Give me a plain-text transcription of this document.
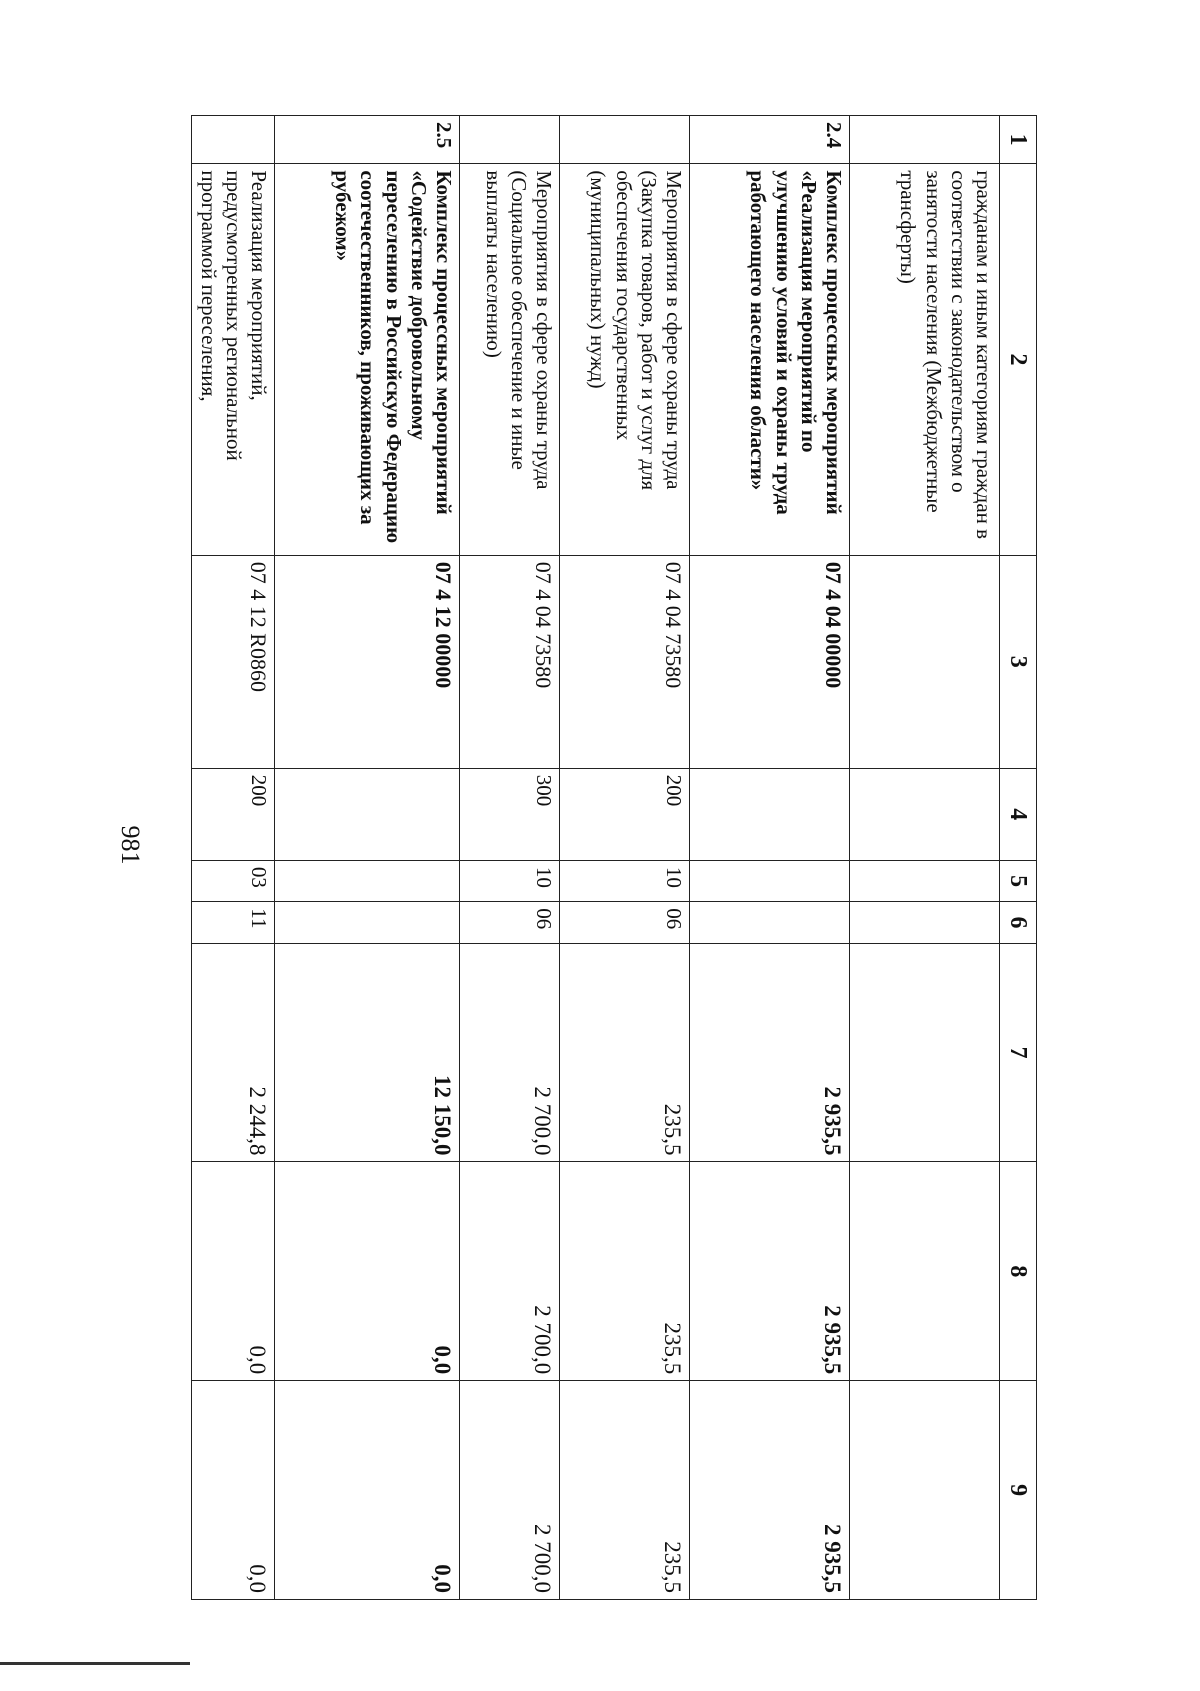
981
1	2	3	4	5	6	7	8	9
	гражданам и иным категориям граждан в соответствии с законодательством о занятости населения (Межбюджетные трансферты)							
2.4	Комплекс процессных мероприятий «Реализация мероприятий по улучшению условий и охраны труда работающего населения области»	07 4 04 00000				2 935,5	2 935,5	2 935,5
	Мероприятия в сфере охраны труда (Закупка товаров, работ и услуг для обеспечения государственных (муниципальных) нужд)	07 4 04 73580	200	10	06	235,5	235,5	235,5
	Мероприятия в сфере охраны труда (Социальное обеспечение и иные выплаты населению)	07 4 04 73580	300	10	06	2 700,0	2 700,0	2 700,0
2.5	Комплекс процессных мероприятий «Содействие добровольному переселению в Российскую Федерацию соотечественников, проживающих за рубежом»	07 4 12 00000				12 150,0	0,0	0,0
	Реализация мероприятий, предусмотренных региональной программой переселения,	07 4 12 R0860	200	03	11	2 244,8	0,0	0,0
